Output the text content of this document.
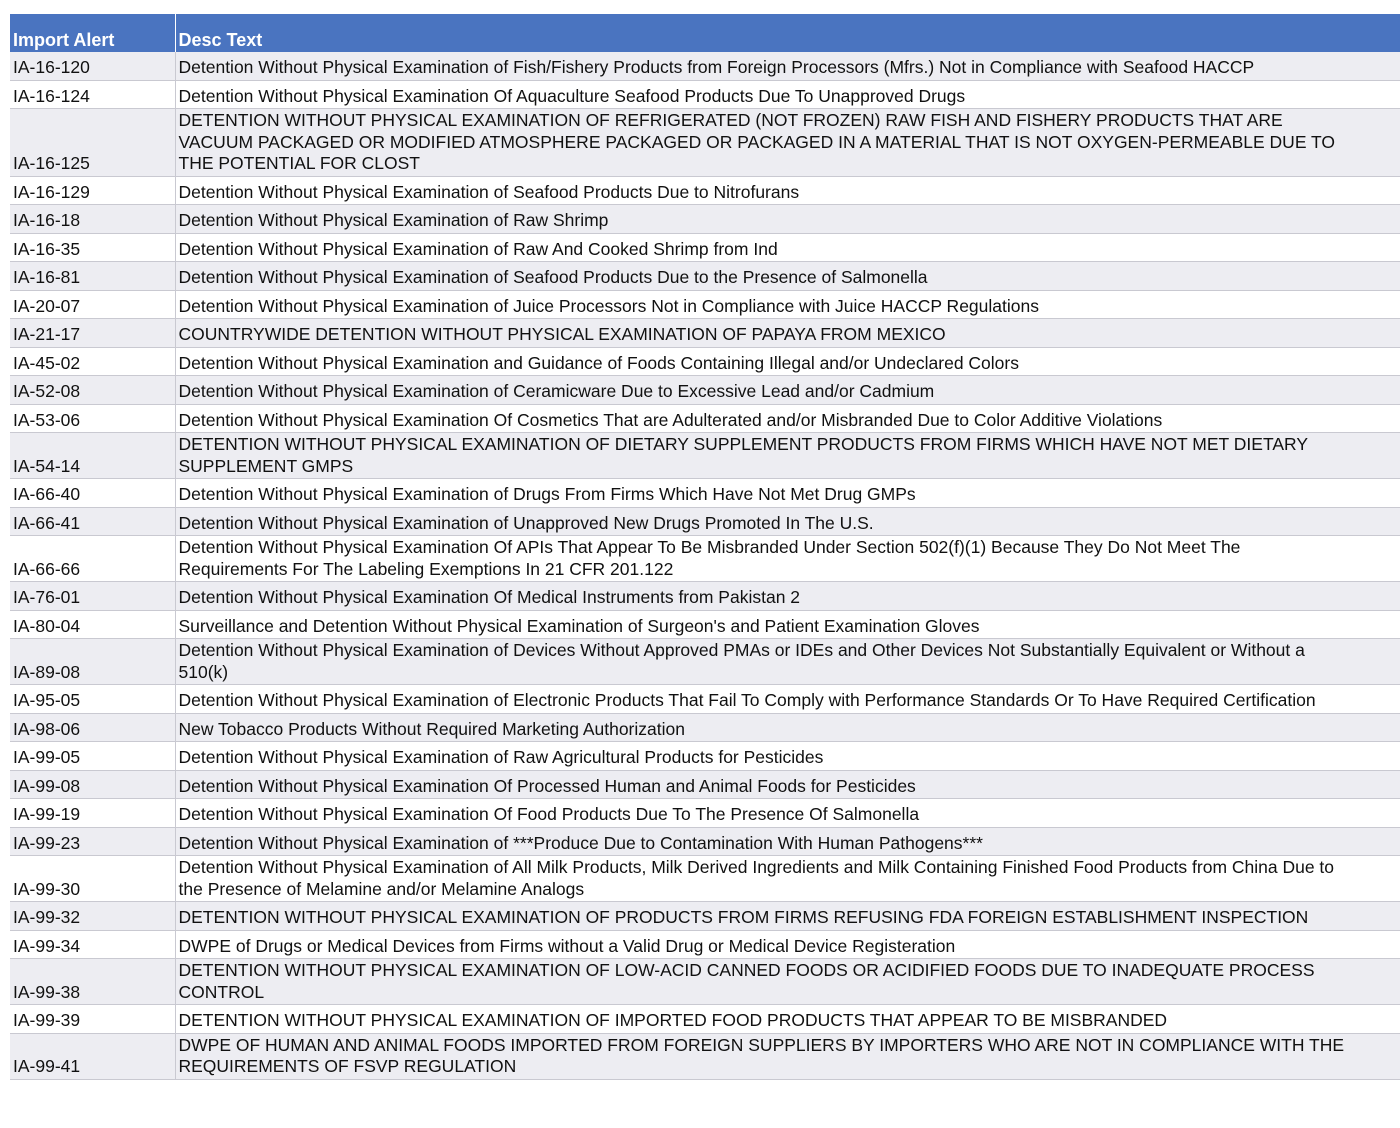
Import Alert	Desc Text
IA-16-120	Detention Without Physical Examination of Fish/Fishery Products from Foreign Processors (Mfrs.) Not in Compliance with Seafood HACCP
IA-16-124	Detention Without Physical Examination Of Aquaculture Seafood Products Due To Unapproved Drugs
IA-16-125	DETENTION WITHOUT PHYSICAL EXAMINATION OF REFRIGERATED (NOT FROZEN) RAW FISH AND FISHERY PRODUCTS THAT ARE VACUUM PACKAGED OR MODIFIED ATMOSPHERE PACKAGED OR PACKAGED IN A MATERIAL THAT IS NOT OXYGEN-PERMEABLE DUE TO THE POTENTIAL FOR CLOST
IA-16-129	Detention Without Physical Examination of Seafood Products Due to Nitrofurans
IA-16-18	Detention Without Physical Examination of Raw Shrimp
IA-16-35	Detention Without Physical Examination of Raw And Cooked Shrimp from Ind
IA-16-81	Detention Without Physical Examination of Seafood Products Due to the Presence of Salmonella
IA-20-07	Detention Without Physical Examination of Juice Processors Not in Compliance with Juice HACCP Regulations
IA-21-17	COUNTRYWIDE DETENTION WITHOUT PHYSICAL EXAMINATION OF PAPAYA FROM MEXICO
IA-45-02	Detention Without Physical Examination and Guidance of Foods Containing Illegal and/or Undeclared Colors
IA-52-08	Detention Without Physical Examination of Ceramicware Due to Excessive Lead and/or Cadmium
IA-53-06	Detention Without Physical Examination Of Cosmetics That are Adulterated and/or Misbranded Due to Color Additive Violations
IA-54-14	DETENTION WITHOUT PHYSICAL EXAMINATION OF DIETARY SUPPLEMENT PRODUCTS FROM FIRMS WHICH HAVE NOT MET DIETARY SUPPLEMENT GMPS
IA-66-40	Detention Without Physical Examination of Drugs From Firms Which Have Not Met Drug GMPs
IA-66-41	Detention Without Physical Examination of Unapproved New Drugs Promoted In The U.S.
IA-66-66	Detention Without Physical Examination Of APIs That Appear To Be Misbranded Under Section 502(f)(1) Because They Do Not Meet The Requirements For The Labeling Exemptions In 21 CFR 201.122
IA-76-01	Detention Without Physical Examination Of Medical Instruments from Pakistan 2
IA-80-04	Surveillance and Detention Without Physical Examination of Surgeon's and Patient Examination Gloves
IA-89-08	Detention Without Physical Examination of Devices Without Approved PMAs or IDEs and Other Devices Not Substantially Equivalent or Without a 510(k)
IA-95-05	Detention Without Physical Examination of Electronic Products That Fail To Comply with Performance Standards Or To Have Required Certification
IA-98-06	New Tobacco Products Without Required Marketing Authorization
IA-99-05	Detention Without Physical Examination of Raw Agricultural Products for Pesticides
IA-99-08	Detention Without Physical Examination Of Processed Human and Animal Foods for Pesticides
IA-99-19	Detention Without Physical Examination Of Food Products Due To The Presence Of Salmonella
IA-99-23	Detention Without Physical Examination of ***Produce Due to Contamination With Human Pathogens***
IA-99-30	Detention Without Physical Examination of All Milk Products, Milk Derived Ingredients and Milk Containing Finished Food Products from China Due to the Presence of Melamine and/or Melamine Analogs
IA-99-32	DETENTION WITHOUT PHYSICAL EXAMINATION OF PRODUCTS FROM FIRMS REFUSING FDA FOREIGN ESTABLISHMENT INSPECTION
IA-99-34	DWPE of Drugs or Medical Devices from Firms without a Valid Drug or Medical Device Registeration
IA-99-38	DETENTION WITHOUT PHYSICAL EXAMINATION OF LOW-ACID CANNED FOODS OR ACIDIFIED FOODS DUE TO INADEQUATE PROCESS CONTROL
IA-99-39	DETENTION WITHOUT PHYSICAL EXAMINATION OF IMPORTED FOOD PRODUCTS THAT APPEAR TO BE MISBRANDED
IA-99-41	DWPE OF HUMAN AND ANIMAL FOODS IMPORTED FROM FOREIGN SUPPLIERS BY IMPORTERS WHO ARE NOT IN COMPLIANCE WITH THE REQUIREMENTS OF FSVP REGULATION
